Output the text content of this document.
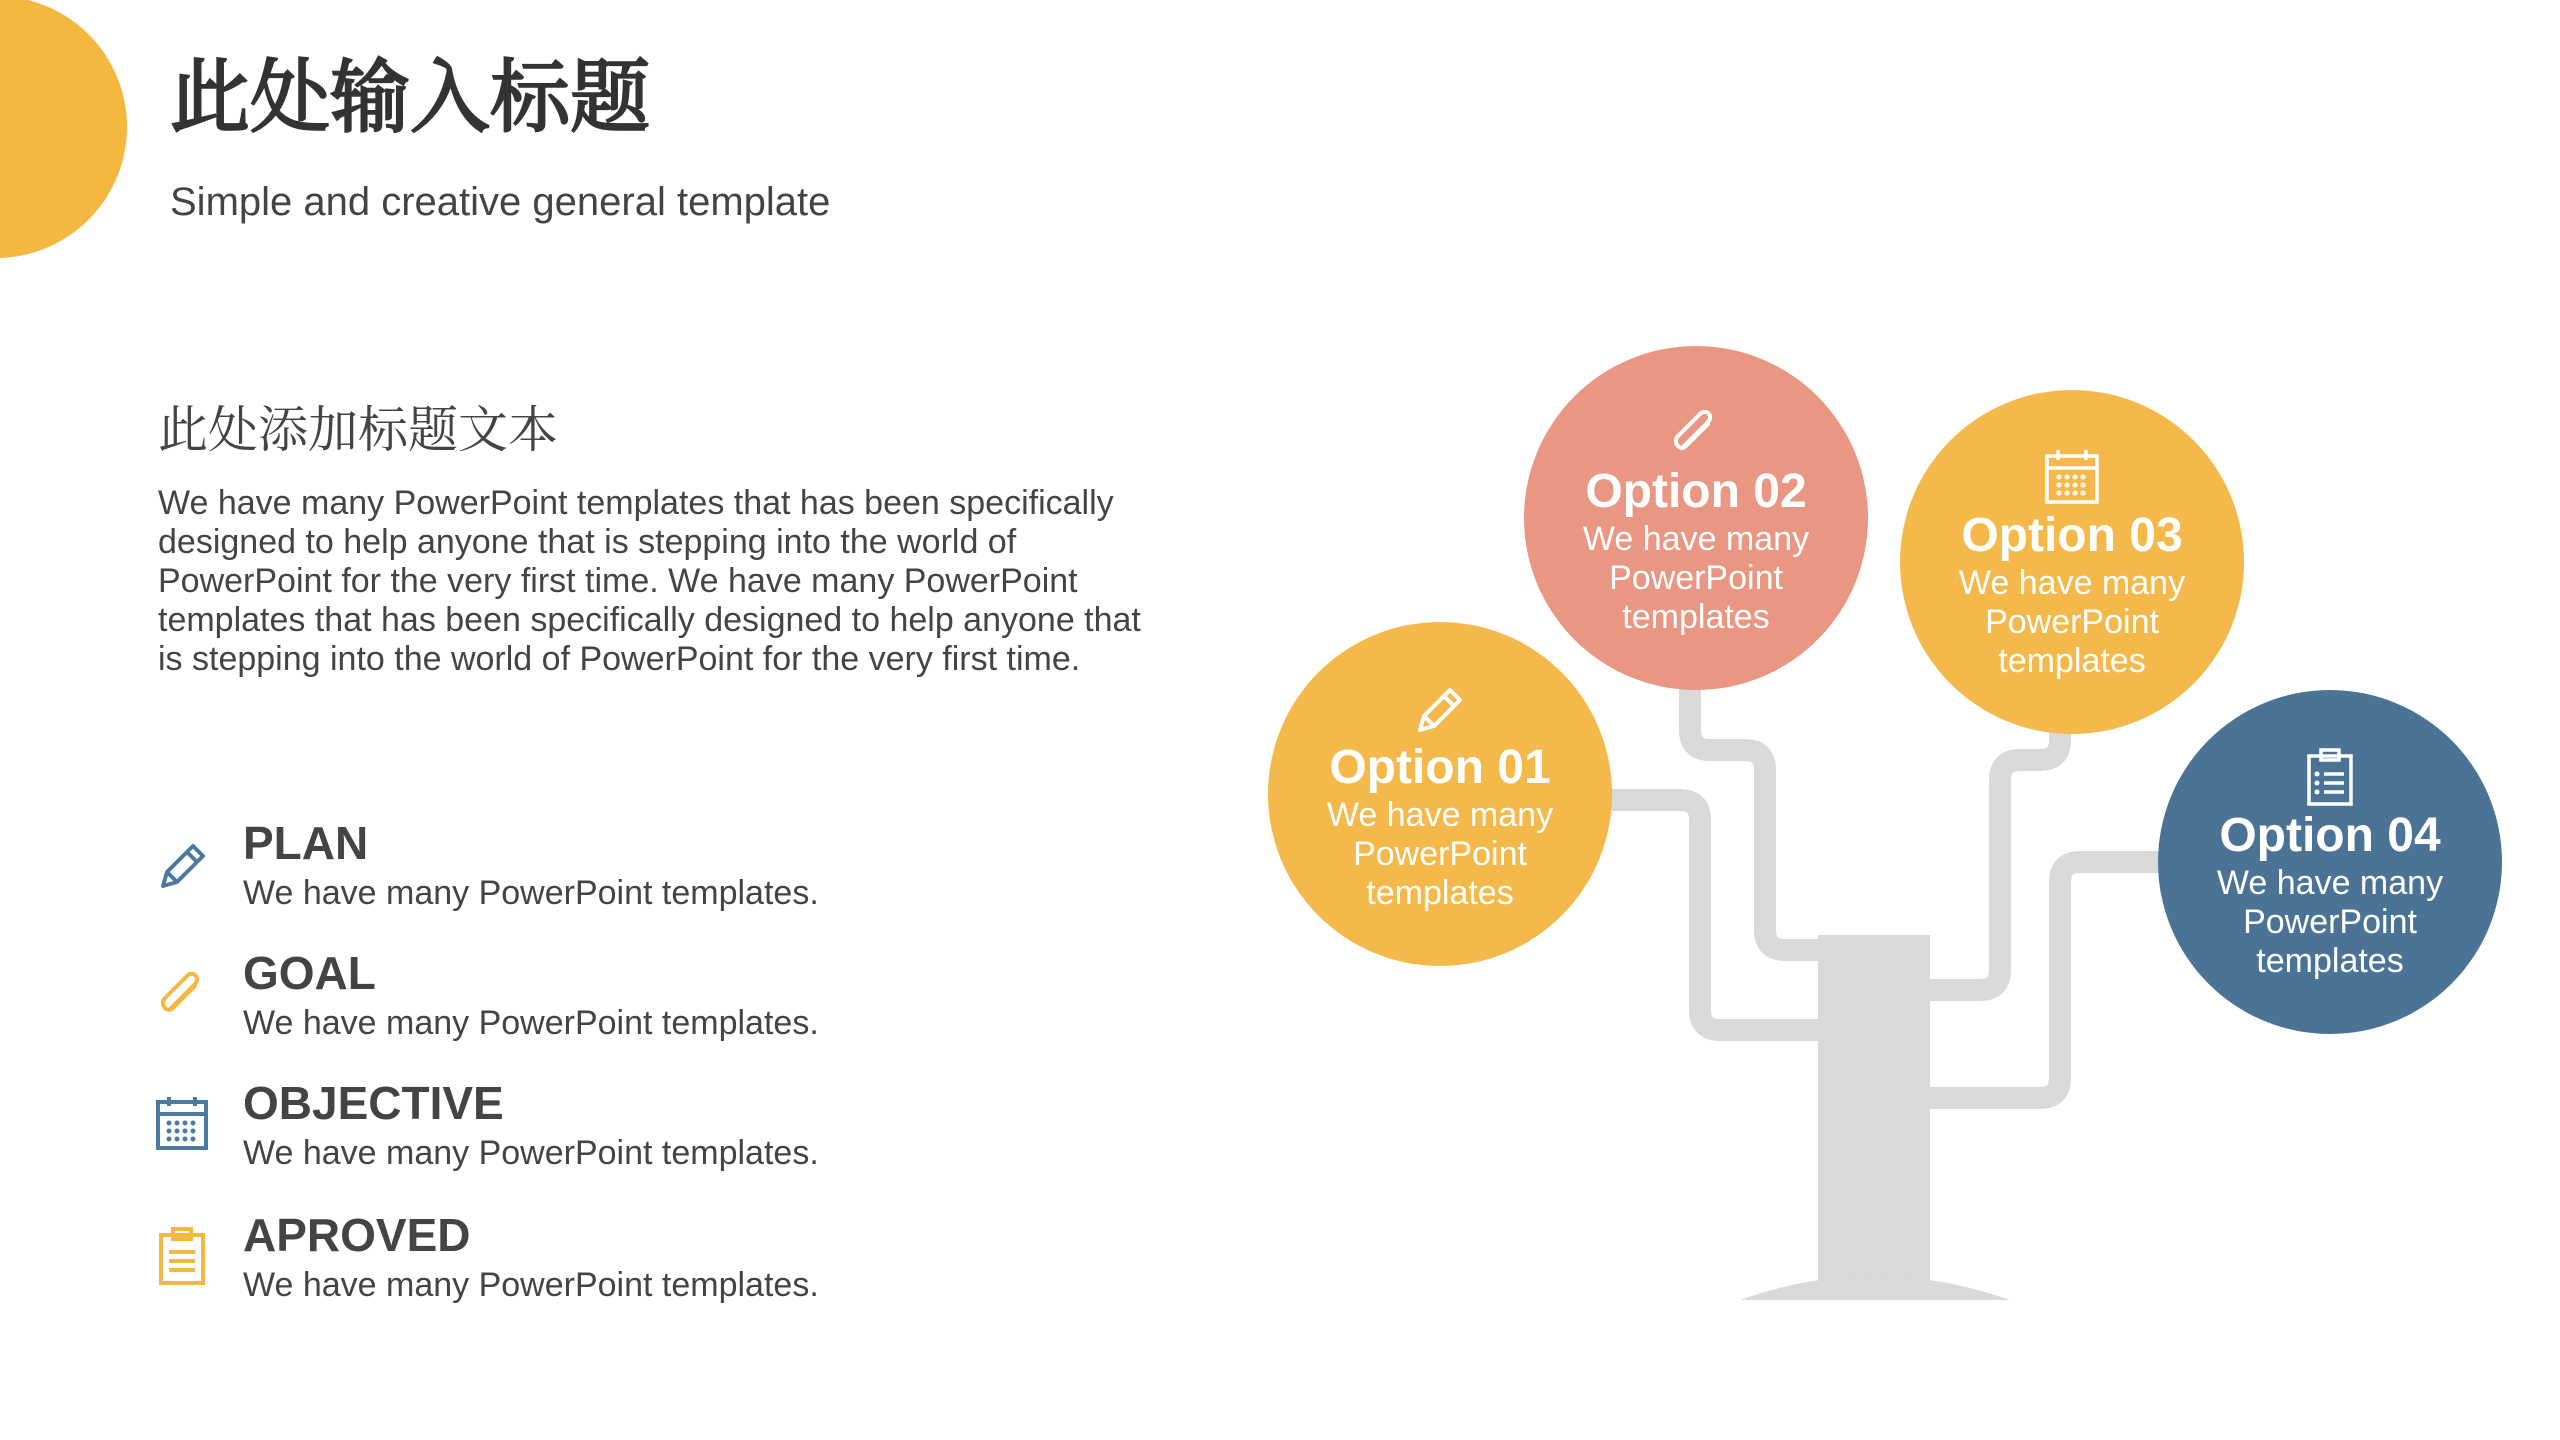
此处输入标题
Simple and creative general template
此处添加标题文本
We have many PowerPoint templates that has been specifically designed to help anyone that is stepping into the world of PowerPoint for the very first time. We have many PowerPoint templates that has been specifically designed to help anyone that is stepping into the world of PowerPoint for the very first time.
PLAN
We have many PowerPoint templates.
GOAL
We have many PowerPoint templates.
OBJECTIVE
We have many PowerPoint templates.
APROVED
We have many PowerPoint templates.
Option 01
We have many PowerPoint templates
Option 02
We have many PowerPoint templates
Option 03
We have many PowerPoint templates
Option 04
We have many PowerPoint templates
